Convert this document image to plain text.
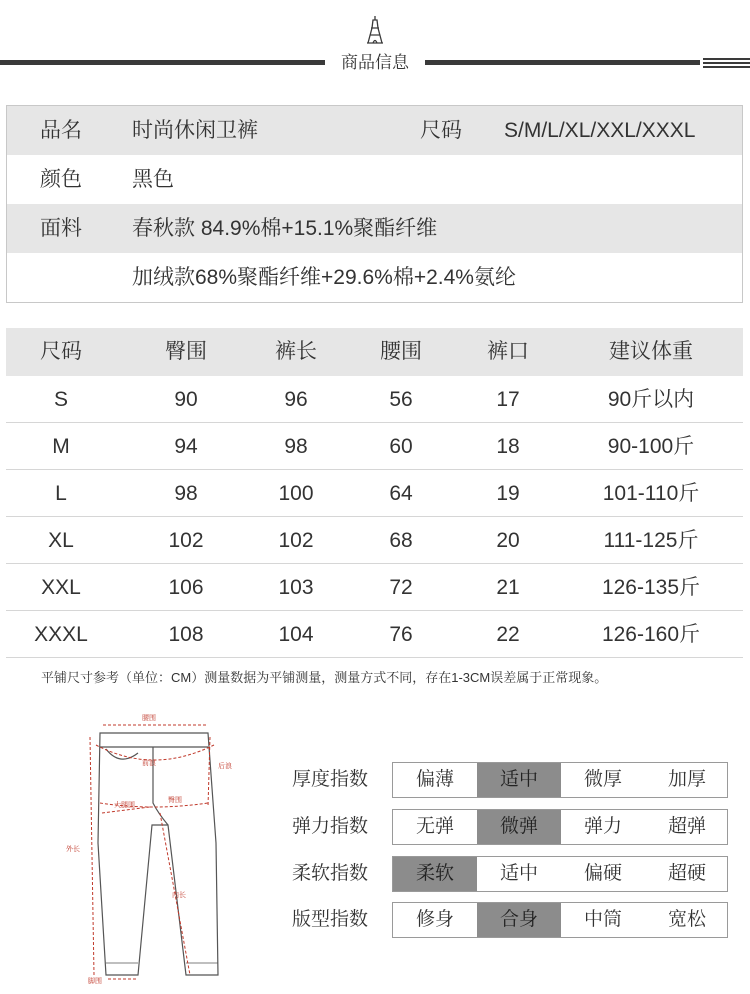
商品信息
品名 时尚休闲卫裤	尺码 S/M/L/XL/XXL/XXXL
颜色 黑色
面料 春秋款 84.9%棉+15.1%聚酯纤维
加绒款68%聚酯纤维+29.6%棉+2.4%氨纶
尺码	臀围	裤长	腰围	裤口	建议体重
S	90	96	56	17	90斤以内
M	94	98	60	18	90-100斤
L	98	100	64	19	101-110斤
XL	102	102	68	20	111-125斤
XXL	106	103	72	21	126-135斤
XXXL	108	104	76	22	126-160斤
平铺尺寸参考（单位：CM）测量数据为平铺测量，测量方式不同，存在1-3CM误差属于正常现象。
腰围
前浪	后浪
臀围
大腿围
外长
内长
脚围
厚度指数	偏薄	适中	微厚	加厚
弹力指数	无弹	微弹	弹力	超弹
柔软指数	柔软	适中	偏硬	超硬
版型指数	修身	合身	中筒	宽松
